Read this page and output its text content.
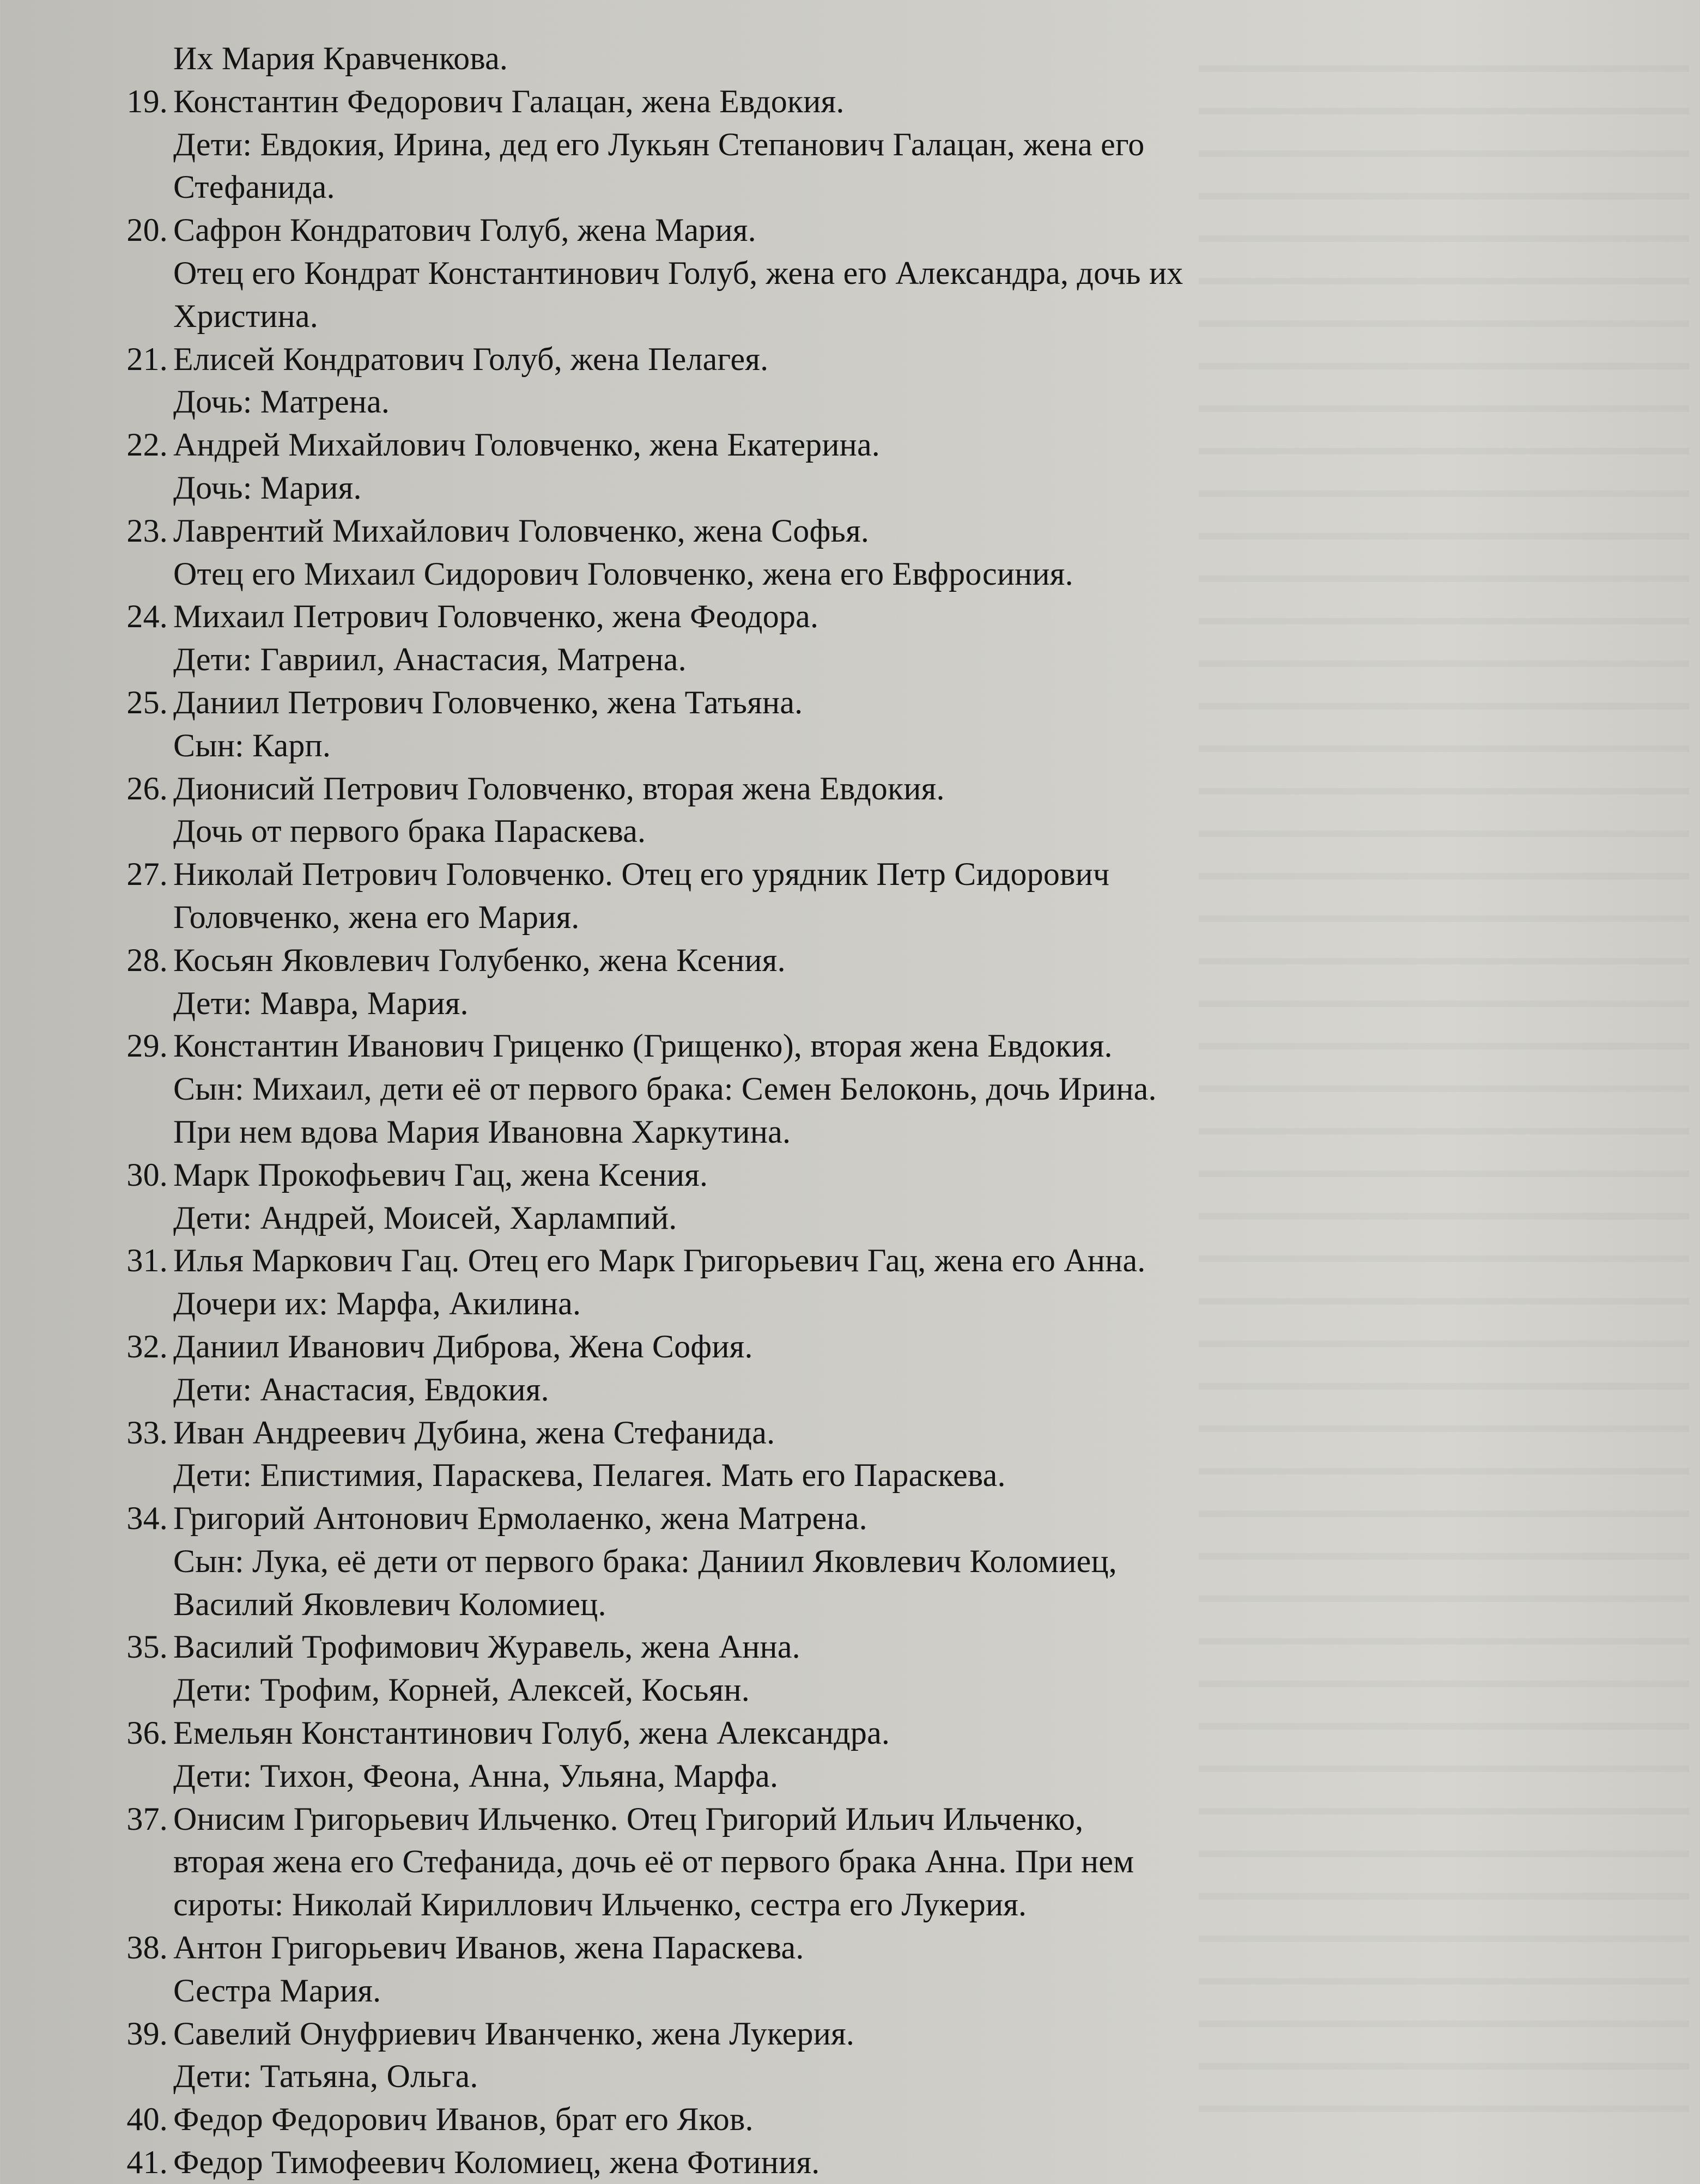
Их Мария Кравченкова.
19. Константин Федорович Галацан, жена Евдокия.
Дети: Евдокия, Ирина, дед его Лукьян Степанович Галацан, жена его
Стефанида.
20. Сафрон Кондратович Голуб, жена Мария.
Отец его Кондрат Константинович Голуб, жена его Александра, дочь их
Христина.
21. Елисей Кондратович Голуб, жена Пелагея.
Дочь: Матрена.
22. Андрей Михайлович Головченко, жена Екатерина.
Дочь: Мария.
23. Лаврентий Михайлович Головченко, жена Софья.
Отец его Михаил Сидорович Головченко, жена его Евфросиния.
24. Михаил Петрович Головченко, жена Феодора.
Дети: Гавриил, Анастасия, Матрена.
25. Даниил Петрович Головченко, жена Татьяна.
Сын: Карп.
26. Дионисий Петрович Головченко, вторая жена Евдокия.
Дочь от первого брака Параскева.
27. Николай Петрович Головченко. Отец его урядник Петр Сидорович
Головченко, жена его Мария.
28. Косьян Яковлевич Голубенко, жена Ксения.
Дети: Мавра, Мария.
29. Константин Иванович Гриценко (Грищенко), вторая жена Евдокия.
Сын: Михаил, дети её от первого брака: Семен Белоконь, дочь Ирина.
При нем вдова Мария Ивановна Харкутина.
30. Марк Прокофьевич Гац, жена Ксения.
Дети: Андрей, Моисей, Харлампий.
31. Илья Маркович Гац. Отец его Марк Григорьевич Гац, жена его Анна.
Дочери их: Марфа, Акилина.
32. Даниил Иванович Диброва, Жена София.
Дети: Анастасия, Евдокия.
33. Иван Андреевич Дубина, жена Стефанида.
Дети: Епистимия, Параскева, Пелагея. Мать его Параскева.
34. Григорий Антонович Ермолаенко, жена Матрена.
Сын: Лука, её дети от первого брака: Даниил Яковлевич Коломиец,
Василий Яковлевич Коломиец.
35. Василий Трофимович Журавель, жена Анна.
Дети: Трофим, Корней, Алексей, Косьян.
36. Емельян Константинович Голуб, жена Александра.
Дети: Тихон, Феона, Анна, Ульяна, Марфа.
37. Онисим Григорьевич Ильченко. Отец Григорий Ильич Ильченко,
вторая жена его Стефанида, дочь её от первого брака Анна. При нем
сироты: Николай Кириллович Ильченко, сестра его Лукерия.
38. Антон Григорьевич Иванов, жена Параскева.
Сестра Мария.
39. Савелий Онуфриевич Иванченко, жена Лукерия.
Дети: Татьяна, Ольга.
40. Федор Федорович Иванов, брат его Яков.
41. Федор Тимофеевич Коломиец, жена Фотиния.
